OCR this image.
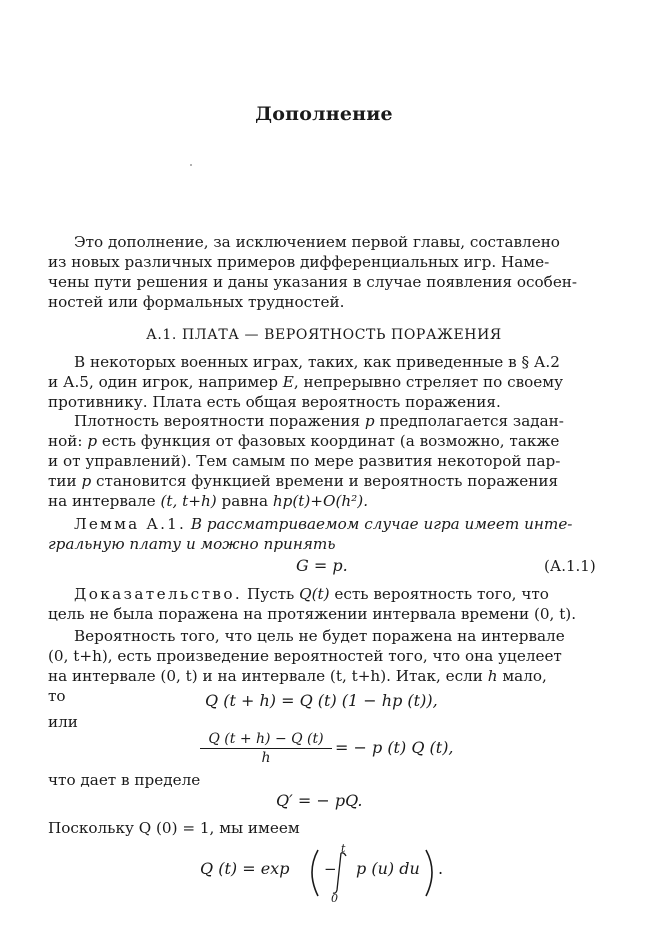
Дополнение
Это дополнение, за исключением первой главы, составлено
из новых различных примеров дифференциальных игр. Наме-
чены пути решения и даны указания в случае появления особен-
ностей или формальных трудностей.
А.1. ПЛАТА — ВЕРОЯТНОСТЬ ПОРАЖЕНИЯ
В некоторых военных играх, таких, как приведенные в § А.2
и А.5, один игрок, например E, непрерывно стреляет по своему
противнику. Плата есть общая вероятность поражения.
Плотность вероятности поражения p предполагается задан-
ной: p есть функция от фазовых координат (а возможно, также
и от управлений). Тем самым по мере развития некоторой пар-
тии p становится функцией времени и вероятность поражения
на интервале (t, t+h) равна hp(t)+O(h²).
Лемма А.1. В рассматриваемом случае игра имеет инте-
гральную плату и можно принять
G = p.	(А.1.1)
Доказательство. Пусть Q(t) есть вероятность того, что
цель не была поражена на протяжении интервала времени (0, t).
Вероятность того, что цель не будет поражена на интервале
(0, t+h), есть произведение вероятностей того, что она уцелеет
на интервале (0, t) и на интервале (t, t+h). Итак, если h мало,
то	Q (t + h) = Q (t) (1 − hp (t)),
или
$\frac{Q (t + h) - Q (t)}{h}$ = − p (t) Q (t),
что дает в пределе
Q′ = − pQ.
Поскольку Q (0) = 1, мы имеем
Q (t) = exp −
t
0
p (u) du .
